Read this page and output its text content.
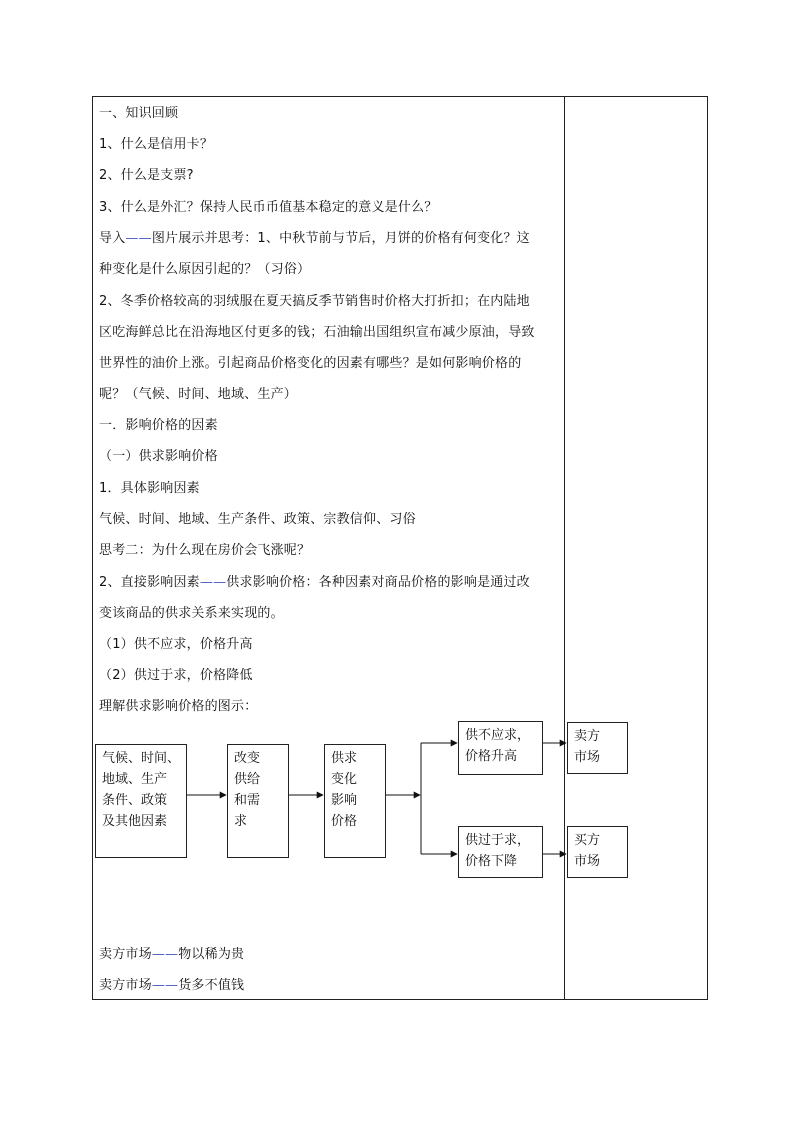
一、知识回顾
1、什么是信用卡？
2、什么是支票?
3、什么是外汇？保持人民币币值基本稳定的意义是什么？
导入——图片展示并思考：1、中秋节前与节后，月饼的价格有何变化？这
种变化是什么原因引起的？（习俗）
2、冬季价格较高的羽绒服在夏天搞反季节销售时价格大打折扣；在内陆地
区吃海鲜总比在沿海地区付更多的钱；石油输出国组织宣布减少原油，导致
世界性的油价上涨。引起商品价格变化的因素有哪些？是如何影响价格的
呢？（气候、时间、地域、生产）
一．影响价格的因素
（一）供求影响价格
1．具体影响因素
气候、时间、地域、生产条件、政策、宗教信仰、习俗
思考二：为什么现在房价会飞涨呢？
2、直接影响因素——供求影响价格：各种因素对商品价格的影响是通过改
变该商品的供求关系来实现的。
（1）供不应求，价格升高
（2）供过于求，价格降低
理解供求影响价格的图示：
气候、时间、
地域、生产
条件、政策
及其他因素
改变
供给
和需
求
供求
变化
影响
价格
供不应求，
价格升高
供过于求，
价格下降
卖方
市场
买方
市场
卖方市场——物以稀为贵
卖方市场——货多不值钱
